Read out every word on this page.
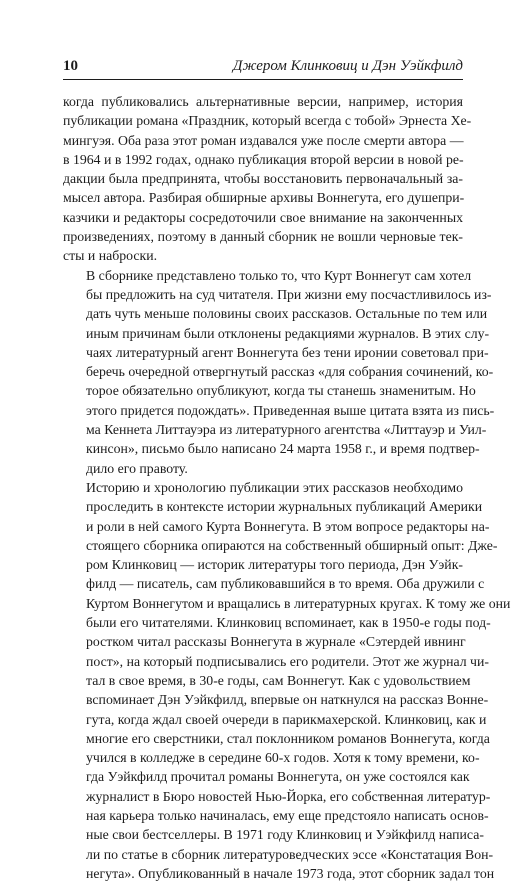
10	Джером Клинковиц и Дэн Уэйкфилд
когда публиковались альтернативные версии, например, история
публикации романа «Праздник, который всегда с тобой» Эрнеста Хе-
мингуэя. Оба раза этот роман издавался уже после смерти автора —
в 1964 и в 1992 годах, однако публикация второй версии в новой ре-
дакции была предпринята, чтобы восстановить первоначальный за-
мысел автора. Разбирая обширные архивы Воннегута, его душепри-
казчики и редакторы сосредоточили свое внимание на законченных
произведениях, поэтому в данный сборник не вошли черновые тек-
сты и наброски.
В сборнике представлено только то, что Курт Воннегут сам хотел
бы предложить на суд читателя. При жизни ему посчастливилось из-
дать чуть меньше половины своих рассказов. Остальные по тем или
иным причинам были отклонены редакциями журналов. В этих слу-
чаях литературный агент Воннегута без тени иронии советовал при-
беречь очередной отвергнутый рассказ «для собрания сочинений, ко-
торое обязательно опубликуют, когда ты станешь знаменитым. Но
этого придется подождать». Приведенная выше цитата взята из пись-
ма Кеннета Литтауэра из литературного агентства «Литтауэр и Уил-
кинсон», письмо было написано 24 марта 1958 г., и время подтвер-
дило его правоту.
Историю и хронологию публикации этих рассказов необходимо
проследить в контексте истории журнальных публикаций Америки
и роли в ней самого Курта Воннегута. В этом вопросе редакторы на-
стоящего сборника опираются на собственный обширный опыт: Дже-
ром Клинковиц — историк литературы того периода, Дэн Уэйк-
филд — писатель, сам публиковавшийся в то время. Оба дружили с
Куртом Воннегутом и вращались в литературных кругах. К тому же они
были его читателями. Клинковиц вспоминает, как в 1950-е годы под-
ростком читал рассказы Воннегута в журнале «Сэтердей ивнинг
пост», на который подписывались его родители. Этот же журнал чи-
тал в свое время, в 30-е годы, сам Воннегут. Как с удовольствием
вспоминает Дэн Уэйкфилд, впервые он наткнулся на рассказ Вонне-
гута, когда ждал своей очереди в парикмахерской. Клинковиц, как и
многие его сверстники, стал поклонником романов Воннегута, когда
учился в колледже в середине 60-х годов. Хотя к тому времени, ко-
гда Уэйкфилд прочитал романы Воннегута, он уже состоялся как
журналист в Бюро новостей Нью-Йорка, его собственная литератур-
ная карьера только начиналась, ему еще предстояло написать основ-
ные свои бестселлеры. В 1971 году Клинковиц и Уэйкфилд написа-
ли по статье в сборник литературоведческих эссе «Констатация Вон-
негута». Опубликованный в начале 1973 года, этот сборник задал тон
